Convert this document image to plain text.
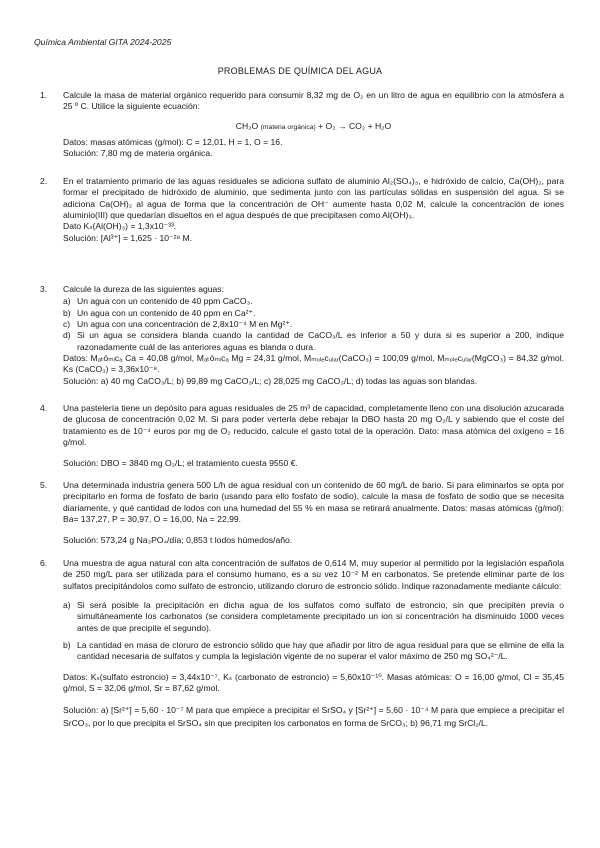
Química Ambiental GITA 2024-2025
PROBLEMAS DE QUÍMICA DEL AGUA
1. Calcule la masa de material orgánico requerido para consumir 8,32 mg de O₂ en un litro de agua en equilibrio con la atmósfera a 25 º C. Utilice la siguiente ecuación:

CH₂O (materia orgánica) + O₂ → CO₂ + H₂O

Datos: masas atómicas (g/mol): C = 12,01, H = 1, O = 16.

Solución: 7,80 mg de materia orgánica.

2. En el tratamiento primario de las aguas residuales se adiciona sulfato de aluminio Al₂(SO₄)₃, e hidróxido de calcio, Ca(OH)₂, para formar el precipitado de hidróxido de aluminio, que sedimenta junto con las partículas sólidas en suspensión del agua. Si se adiciona Ca(OH)₂ al agua de forma que la concentración de OH⁻ aumente hasta 0,02 M, calcule la concentración de iones aluminio(III) que quedarían disueltos en el agua después de que precipitasen como Al(OH)₃.

Dato Kₛ(Al(OH)₃) = 1,3x10⁻³³.

Solución: [Al³⁺] = 1,625 · 10⁻²⁸ M.

3. Calcule la dureza de las siguientes aguas:

a) Un agua con un contenido de 40 ppm CaCO₃.
b) Un agua con un contenido de 40 ppm en Ca²⁺.
c) Un agua con una concentración de 2,8x10⁻⁴ M en Mg²⁺.
d) Si un agua se considera blanda cuando la cantidad de CaCO₃/L es inferior a 50 y dura si es superior a 200, indique razonadamente cuál de las anteriores aguas es blanda o dura.

Datos: Mₐₜóₘᵢcₐ Ca = 40,08 g/mol, Mₐₜóₘᵢcₐ Mg = 24,31 g/mol, Mₘₒₗₑcᵤₗₐᵣ(CaCO₃) = 100,09 g/mol, Mₘₒₗₑcᵤₗₐᵣ(MgCO₃) = 84,32 g/mol. Ks (CaCO₃) = 3,36x10⁻⁹.

Solución: a) 40 mg CaCO₃/L; b) 99,89 mg CaCO₃/L; c) 28,025 mg CaCO₃/L; d) todas las aguas son blandas.

4. Una pastelería tiene un depósito para aguas residuales de 25 m³ de capacidad, completamente lleno con una disolución azucarada de glucosa de concentración 0,02 M. Si para poder verterla debe rebajar la DBO hasta 20 mg O₂/L y sabiendo que el coste del tratamiento es de 10⁻⁴ euros por mg de O₂ reducido, calcule el gasto total de la operación. Dato: masa atómica del oxígeno = 16 g/mol.

Solución: DBO = 3840 mg O₂/L; el tratamiento cuesta 9550 €.

5. Una determinada industria genera 500 L/h de agua residual con un contenido de 60 mg/L de bario. Si para eliminarlos se opta por precipitarlo en forma de fosfato de bario (usando para ello fosfato de sodio), calcule la masa de fosfato de sodio que se necesita diariamente, y qué cantidad de lodos con una humedad del 55 % en masa se retirará anualmente. Datos: masas atómicas (g/mol): Ba= 137,27, P = 30,97, O = 16,00, Na = 22,99.

Solución: 573,24 g Na₃PO₄/día; 0,853 t lodos húmedos/año.

6. Una muestra de agua natural con alta concentración de sulfatos de 0,614 M, muy superior al permitido por la legislación española de 250 mg/L para ser utilizada para el consumo humano, es a su vez 10⁻² M en carbonatos. Se pretende eliminar parte de los sulfatos precipitándolos como sulfato de estroncio, utilizando cloruro de estroncio sólido. Indique razonadamente mediante cálculo:

a) Si será posible la precipitación en dicha agua de los sulfatos como sulfato de estroncio, sin que precipiten previa o simultáneamente los carbonatos (se considera completamente precipitado un ion si concentración ha disminuido 1000 veces antes de que precipite el segundo).
b) La cantidad en masa de cloruro de estroncio sólido que hay que añadir por litro de agua residual para que se elimine de ella la cantidad necesaria de sulfatos y cumpla la legislación vigente de no superar el valor máximo de 250 mg SO₄²⁻/L.

Datos: Kₛ(sulfato estroncio) = 3,44x10⁻⁷, Kₛ (carbonato de estroncio) = 5,60x10⁻¹⁰. Masas atómicas: O = 16,00 g/mol, Cl = 35,45 g/mol, S = 32,06 g/mol, Sr = 87,62 g/mol.

Solución: a) [Sr²⁺] = 5,60 · 10⁻⁷ M para que empiece a precipitar el SrSO₄ y [Sr²⁺] = 5,60 · 10⁻⁴ M para que empiece a precipitar el SrCO₃, por lo que precipita el SrSO₄ sin que precipiten los carbonatos en forma de SrCO₃; b) 96,71 mg SrCl₂/L.
